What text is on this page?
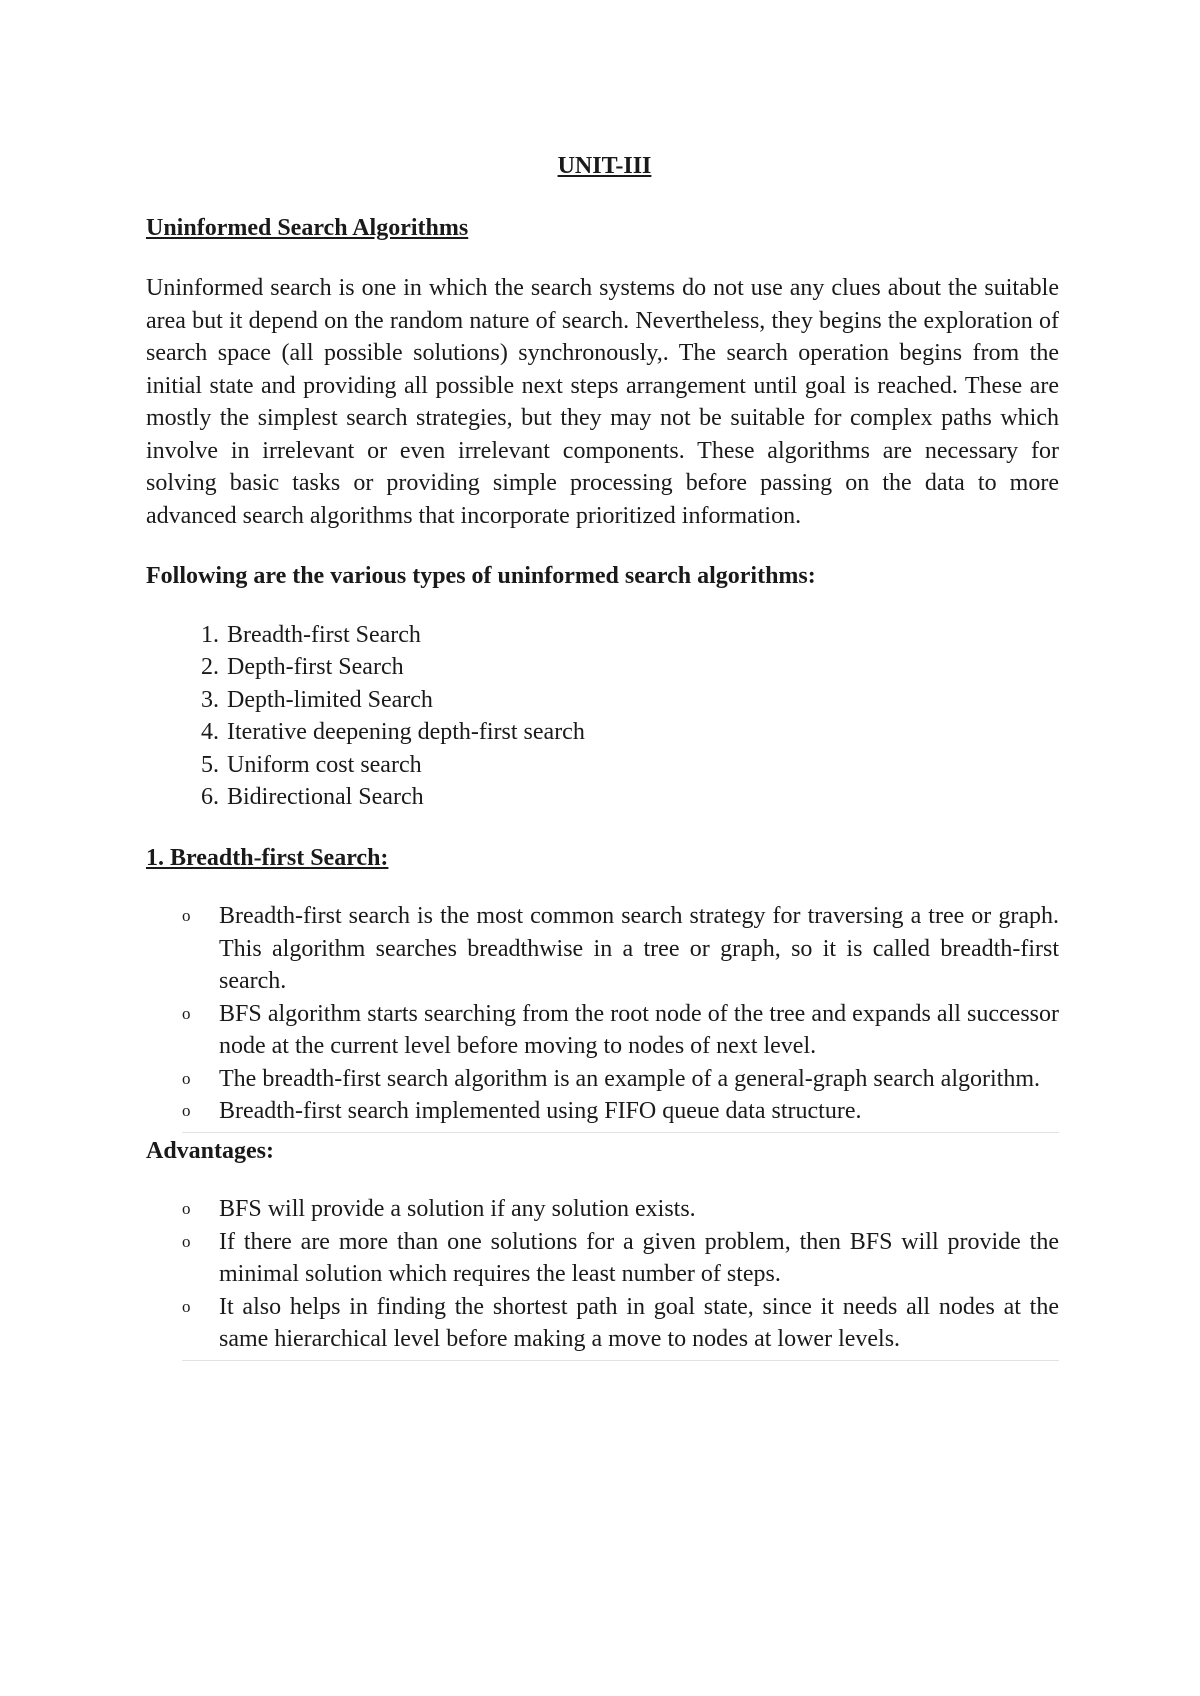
UNIT-III
Uninformed Search Algorithms

Uninformed search is one in which the search systems do not use any clues about the suitable area but it depend on the random nature of search. Nevertheless, they begins the exploration of search space (all possible solutions) synchronously,. The search operation begins from the initial state and providing all possible next steps arrangement until goal is reached. These are mostly the simplest search strategies, but they may not be suitable for complex paths which involve in irrelevant or even irrelevant components. These algorithms are necessary for solving basic tasks or providing simple processing before passing on the data to more advanced search algorithms that incorporate prioritized information.

Following are the various types of uninformed search algorithms:

1. Breadth-first Search
2. Depth-first Search
3. Depth-limited Search
4. Iterative deepening depth-first search
5. Uniform cost search
6. Bidirectional Search

1. Breadth-first Search:

o	Breadth-first search is the most common search strategy for traversing a tree or graph. This algorithm searches breadthwise in a tree or graph, so it is called breadth-first search.
o	BFS algorithm starts searching from the root node of the tree and expands all successor node at the current level before moving to nodes of next level.
o	The breadth-first search algorithm is an example of a general-graph search algorithm.
o	Breadth-first search implemented using FIFO queue data structure.

Advantages:

o	BFS will provide a solution if any solution exists.
o	If there are more than one solutions for a given problem, then BFS will provide the minimal solution which requires the least number of steps.
o	It also helps in finding the shortest path in goal state, since it needs all nodes at the same hierarchical level before making a move to nodes at lower levels.
